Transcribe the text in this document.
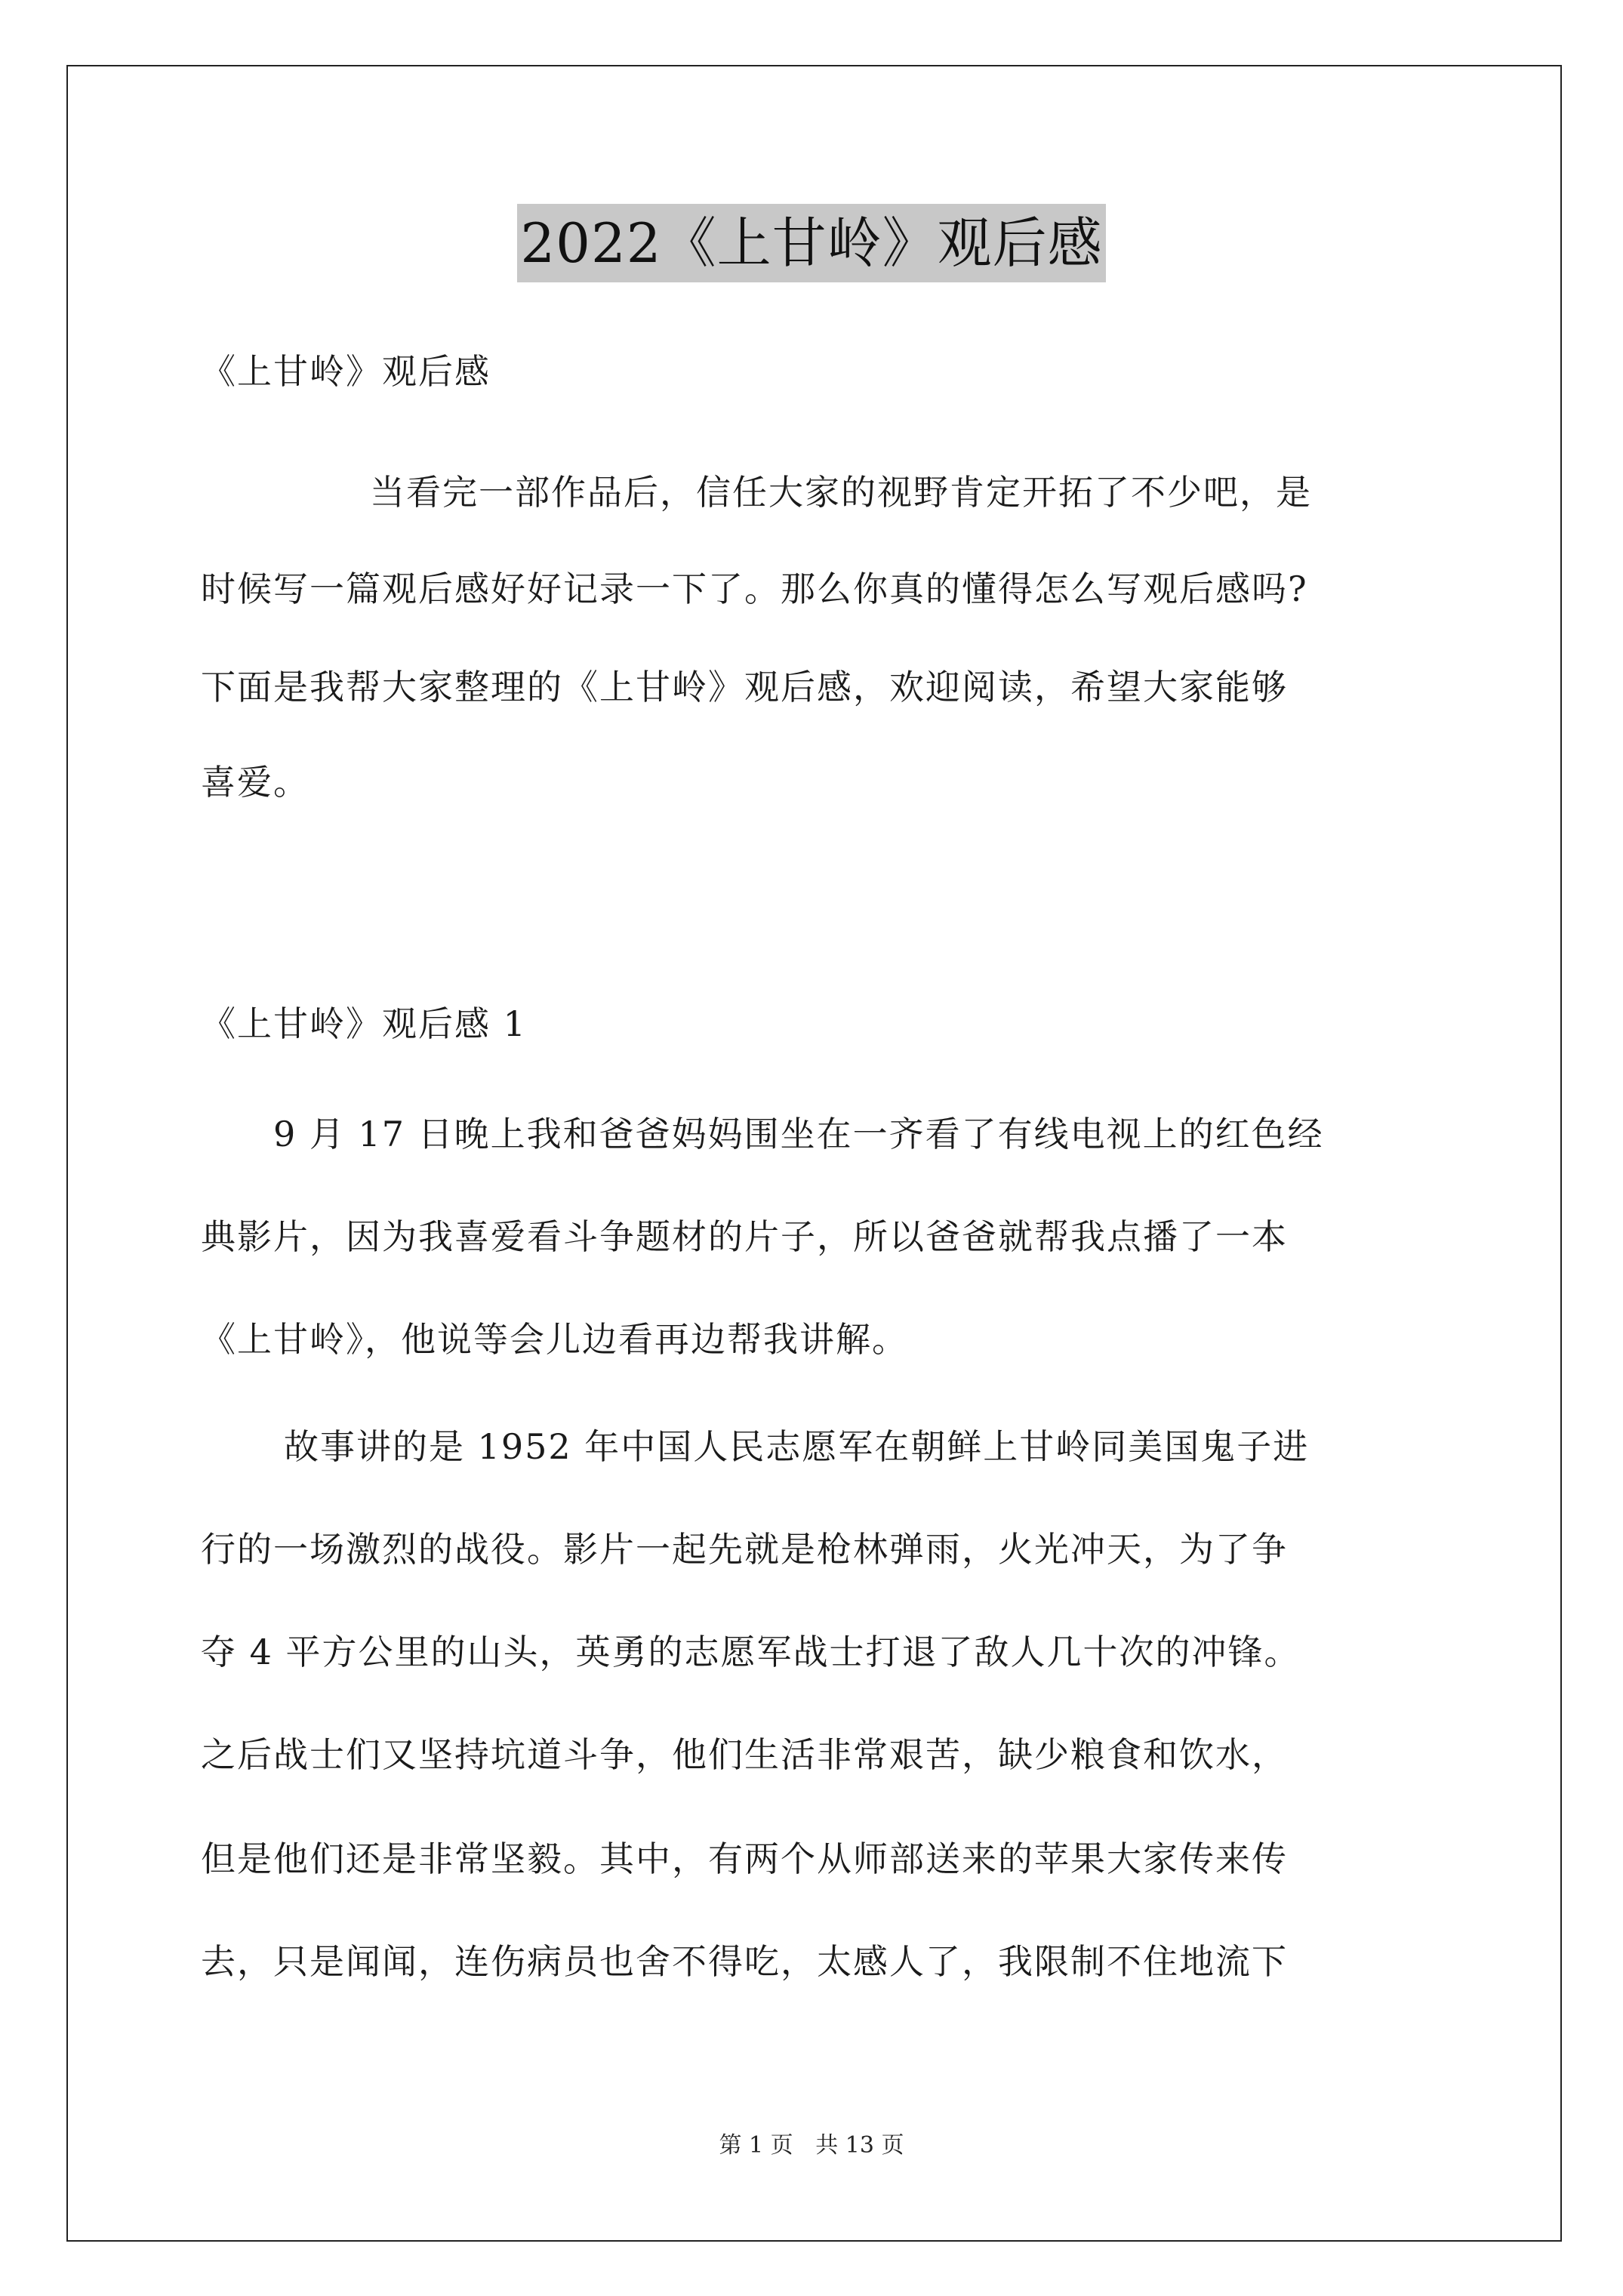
2022《上甘岭》观后感
《上甘岭》观后感
当看完一部作品后，信任大家的视野肯定开拓了不少吧，是
时候写一篇观后感好好记录一下了。那么你真的懂得怎么写观后感吗?
下面是我帮大家整理的《上甘岭》观后感，欢迎阅读，希望大家能够
喜爱。
《上甘岭》观后感 1
9 月 17 日晚上我和爸爸妈妈围坐在一齐看了有线电视上的红色经
典影片，因为我喜爱看斗争题材的片子，所以爸爸就帮我点播了一本
《上甘岭》，他说等会儿边看再边帮我讲解。
故事讲的是 1952 年中国人民志愿军在朝鲜上甘岭同美国鬼子进
行的一场激烈的战役。影片一起先就是枪林弹雨，火光冲天，为了争
夺 4 平方公里的山头，英勇的志愿军战士打退了敌人几十次的冲锋。
之后战士们又坚持坑道斗争，他们生活非常艰苦，缺少粮食和饮水，
但是他们还是非常坚毅。其中，有两个从师部送来的苹果大家传来传
去，只是闻闻，连伤病员也舍不得吃，太感人了，我限制不住地流下
第 1 页 共 13 页
